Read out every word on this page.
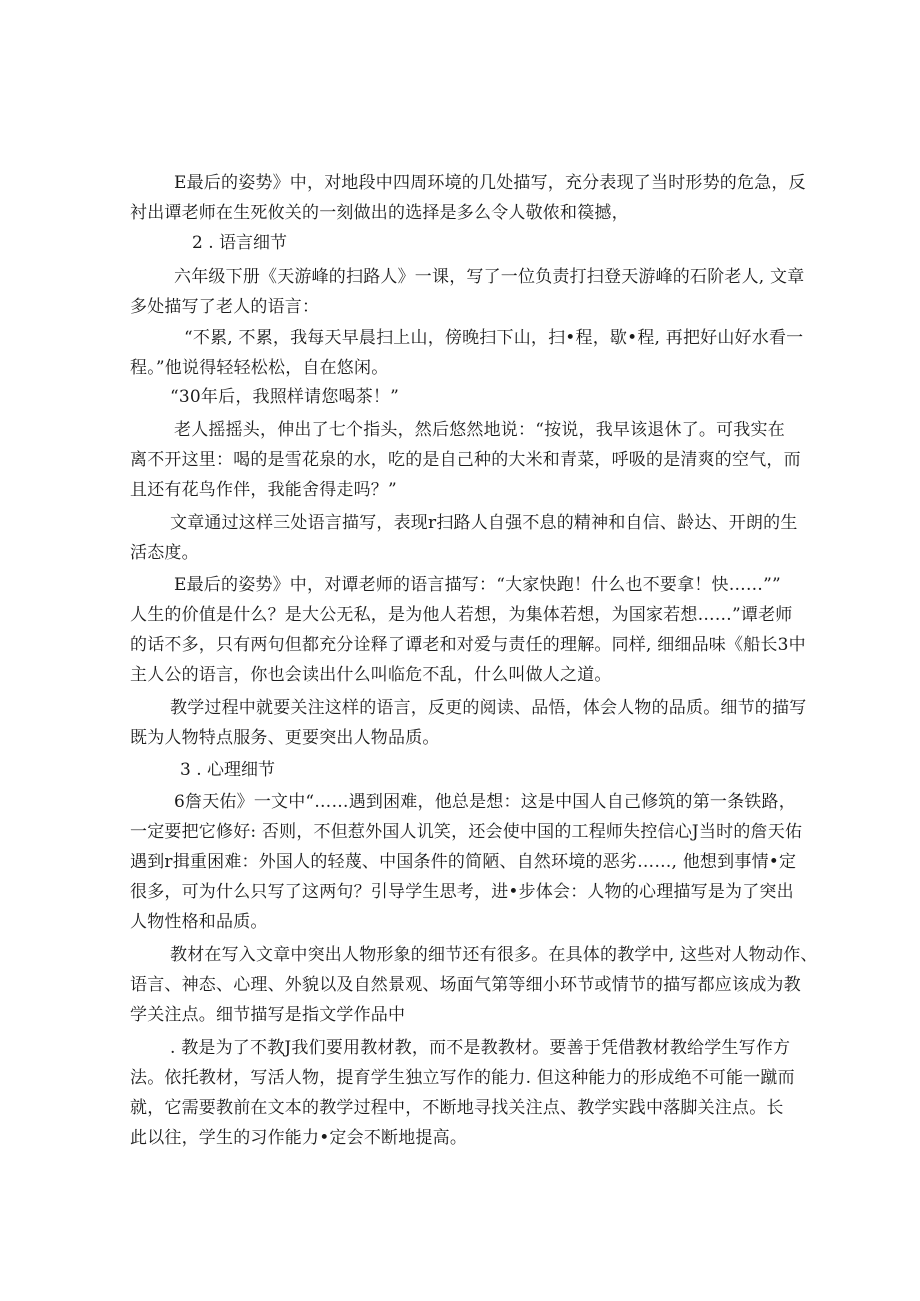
E最后的姿势》中，对地段中四周环境的几处描写，充分表现了当时形势的危急，反
衬出谭老师在生死攸关的一刻做出的选择是多么令人敬侬和篌撼，
2 . 语言细节
六年级下册《天游峰的扫路人》一课，写了一位负责打扫登天游峰的石阶老人, 文章
多处描写了老人的语言：
“不累, 不累，我每天早晨扫上山，傍晚扫下山，扫•程，歇•程, 再把好山好水看一
程。”他说得轻轻松松，自在悠闲。
“30年后，我照样请您喝茶！”
老人摇摇头，伸出了七个指头，然后悠然地说：“按说，我早该退休了。可我实在
离不开这里：喝的是雪花泉的水，吃的是自己种的大米和青菜，呼吸的是清爽的空气，而
且还有花鸟作伴，我能舍得走吗？”
文章通过这样三处语言描写，表现r扫路人自强不息的精神和自信、龄达、开朗的生
活态度。
E最后的姿势》中，对谭老师的语言描写：“大家快跑！什么也不要拿！快……””
人生的价值是什么？是大公无私，是为他人若想，为集体若想，为国家若想……”谭老师
的话不多，只有两句但都充分诠释了谭老和对爱与责任的理解。同样, 细细品味《船长3中
主人公的语言，你也会读出什么叫临危不乱，什么叫做人之道。
教学过程中就要关注这样的语言，反更的阅读、品悟，体会人物的品质。细节的描写
既为人物特点服务、更要突出人物品质。
3 . 心理细节
6詹天佑》一文中“……遇到困难，他总是想：这是中国人自己修筑的第一条铁路，
一定要把它修好: 否则，不但惹外国人讥笑，还会使中国的工程师失控信心J当时的詹天佑
遇到r揖重困难：外国人的轻蔑、中国条件的简陋、自然环境的恶劣……, 他想到事情•定
很多，可为什么只写了这两句？引导学生思考，进•步体会：人物的心理描写是为了突出
人物性格和品质。
教材在写入文章中突出人物形象的细节还有很多。在具体的教学中, 这些对人物动作、
语言、神态、心理、外貌以及自然景观、场面气第等细小环节或情节的描写都应该成为教
学关注点。细节描写是指文学作品中
. 教是为了不教J我们要用教材教，而不是教教材。要善于凭借教材教给学生写作方
法。依托教材，写活人物，提育学生独立写作的能力. 但这种能力的形成绝不可能一蹴而
就，它需要教前在文本的教学过程中，不断地寻找关注点、教学实践中落脚关注点。长
此以往，学生的习作能力•定会不断地提高。
